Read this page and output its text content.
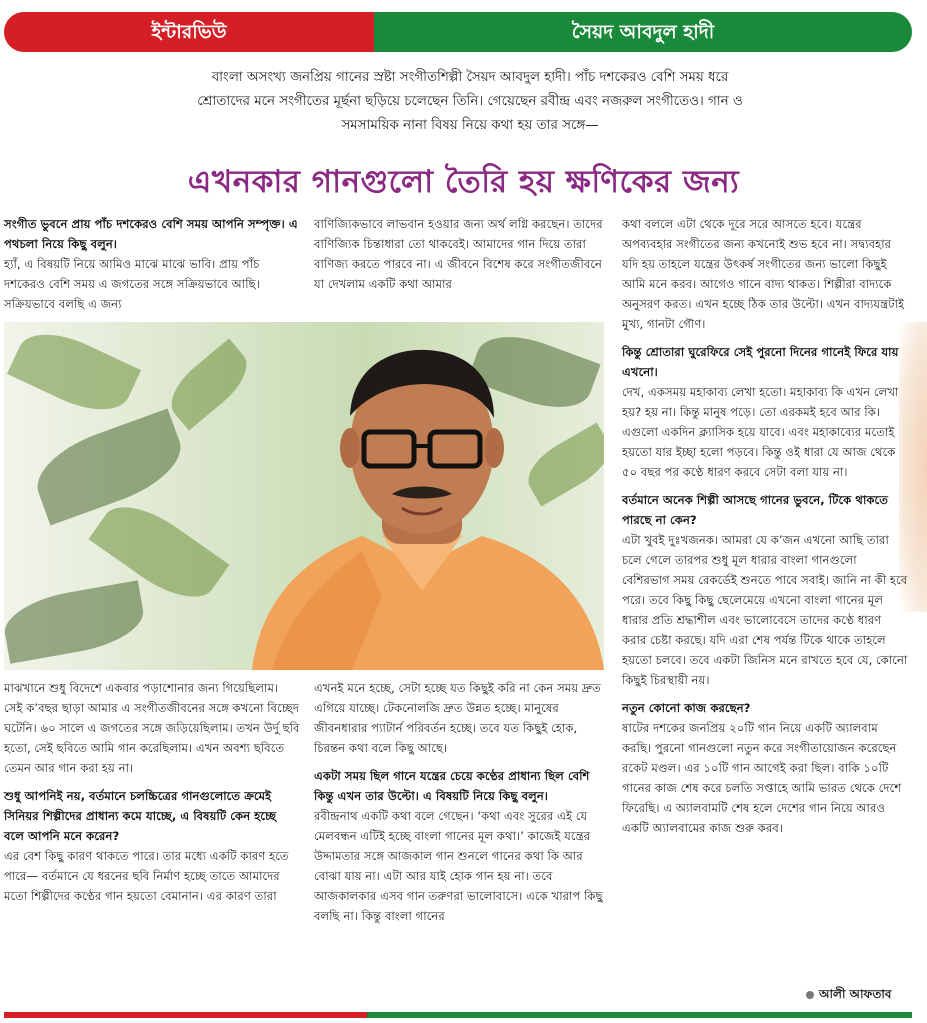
ইন্টারভিউ	সৈয়দ আবদুল হাদী
বাংলা অসংখ্য জনপ্রিয় গানের স্রষ্টা সংগীতশিল্পী সৈয়দ আবদুল হাদী। পাঁচ দশকেরও বেশি সময় ধরে
শ্রোতাদের মনে সংগীতের মূর্ছনা ছড়িয়ে চলেছেন তিনি। গেয়েছেন রবীন্দ্র এবং নজরুল সংগীতেও। গান ও
সমসাময়িক নানা বিষয় নিয়ে কথা হয় তার সঙ্গে—
এখনকার গানগুলো তৈরি হয় ক্ষণিকের জন্য

সংগীত ভুবনে প্রায় পাঁচ দশকেরও বেশি সময় আপনি সম্পৃক্ত। এ পথচলা নিয়ে কিছু বলুন।

হ্যাঁ, এ বিষয়টি নিয়ে আমিও মাঝে মাঝে ভাবি। প্রায় পাঁচ দশকেরও বেশি সময় এ জগতের সঙ্গে সক্রিয়ভাবে আছি। সক্রিয়ভাবে বলছি এ জন্য

বাণিজ্যিকভাবে লাভবান হওয়ার জন্য অর্থ লগ্নি করছেন। তাদের বাণিজ্যিক চিন্তাধারা তো থাকবেই। আমাদের গান দিয়ে তারা বাণিজ্য করতে পারবে না। এ জীবনে বিশেষ করে সংগীতজীবনে যা দেখলাম একটি কথা আমার

মাঝখানে শুধু বিদেশে একবার পড়াশোনার জন্য গিয়েছিলাম। সেই ক’বছর ছাড়া আমার এ সংগীতজীবনের সঙ্গে কখনো বিচ্ছেদ ঘটেনি। ৬০ সালে এ জগতের সঙ্গে জড়িয়েছিলাম। তখন উর্দু ছবি হতো, সেই ছবিতে আমি গান করেছিলাম। এখন অবশ্য ছবিতে তেমন আর গান করা হয় না।

শুধু আপনিই নয়, বর্তমানে চলচ্চিত্রের গানগুলোতে ক্রমেই সিনিয়র শিল্পীদের প্রাধান্য কমে যাচ্ছে, এ বিষয়টি কেন হচ্ছে বলে আপনি মনে করেন?

এর বেশ কিছু কারণ থাকতে পারে। তার মধ্যে একটি কারণ হতে পারে— বর্তমানে যে ধরনের ছবি নির্মাণ হচ্ছে তাতে আমাদের মতো শিল্পীদের কণ্ঠের গান হয়তো বেমানান। এর কারণ তারা

এখনই মনে হচ্ছে, সেটা হচ্ছে যত কিছুই করি না কেন সময় দ্রুত এগিয়ে যাচ্ছে। টেকনোলজি দ্রুত উন্নত হচ্ছে। মানুষের জীবনধারার প্যাটার্ন পরিবর্তন হচ্ছে। তবে যত কিছুই হোক, চিরন্তন কথা বলে কিছু আছে।

একটা সময় ছিল গানে যন্ত্রের চেয়ে কণ্ঠের প্রাধান্য ছিল বেশি কিন্তু এখন তার উল্টো। এ বিষয়টি নিয়ে কিছু বলুন।

রবীন্দ্রনাথ একটি কথা বলে গেছেন। ‘কথা এবং সুরের এই যে মেলবন্ধন এটিই হচ্ছে বাংলা গানের মূল কথা।’ কাজেই যন্ত্রের উদ্দামতার সঙ্গে আজকাল গান শুনলে গানের কথা কি আর বোঝা যায় না। এটা আর যাই হোক গান হয় না। তবে আজকালকার এসব গান তরুণরা ভালোবাসে। একে খারাপ কিছু বলছি না। কিন্তু বাংলা গানের

কথা বললে এটা থেকে দূরে সরে আসতে হবে। যন্ত্রের অপব্যবহার সংগীতের জন্য কখনোই শুভ হবে না। সদ্ব্যবহার যদি হয় তাহলে যন্ত্রের উৎকর্ষ সংগীতের জন্য ভালো কিছুই আমি মনে করব। আগেও গানে বাদ্য থাকত। শিল্পীরা বাদ্যকে অনুসরণ করত। এখন হচ্ছে ঠিক তার উল্টো। এখন বাদ্যযন্ত্রটাই মুখ্য, গানটা গৌণ।

কিন্তু শ্রোতারা ঘুরেফিরে সেই পুরনো দিনের গানেই ফিরে যায় এখনো।

দেখ, একসময় মহাকাব্য লেখা হতো। মহাকাব্য কি এখন লেখা হয়? হয় না। কিন্তু মানুষ পড়ে। তো এরকমই হবে আর কি। এগুলো একদিন ক্ল্যাসিক হয়ে যাবে। এবং মহাকাব্যের মতোই হয়তো যার ইচ্ছা হলো পড়বে। কিন্তু ওই ধারা যে আজ থেকে ৫০ বছর পর কণ্ঠে ধারণ করবে সেটা বলা যায় না।

বর্তমানে অনেক শিল্পী আসছে গানের ভুবনে, টিকে থাকতে পারছে না কেন?

এটা খুবই দুঃখজনক। আমরা যে ক’জন এখনো আছি তারা চলে গেলে তারপর শুধু মূল ধারার বাংলা গানগুলো বেশিরভাগ সময় রেকর্ডেই শুনতে পাবে সবাই। জানি না কী হবে পরে। তবে কিছু কিছু ছেলেমেয়ে এখনো বাংলা গানের মূল ধারার প্রতি শ্রদ্ধাশীল এবং ভালোবেসে তাদের কণ্ঠে ধারণ করার চেষ্টা করছে। যদি এরা শেষ পর্যন্ত টিকে থাকে তাহলে হয়তো চলবে। তবে একটা জিনিস মনে রাখতে হবে যে, কোনো কিছুই চিরস্থায়ী নয়।

নতুন কোনো কাজ করছেন?

ষাটের দশকের জনপ্রিয় ২০টি গান নিয়ে একটি অ্যালবাম করছি। পুরনো গানগুলো নতুন করে সংগীতায়োজন করেছেন রকেট মণ্ডল। এর ১০টি গান আগেই করা ছিল। বাকি ১০টি গানের কাজ শেষ করে চলতি সপ্তাহে আমি ভারত থেকে দেশে ফিরেছি। এ অ্যালবামটি শেষ হলে দেশের গান নিয়ে আরও একটি অ্যালবামের কাজ শুরু করব।

আলী আফতাব
